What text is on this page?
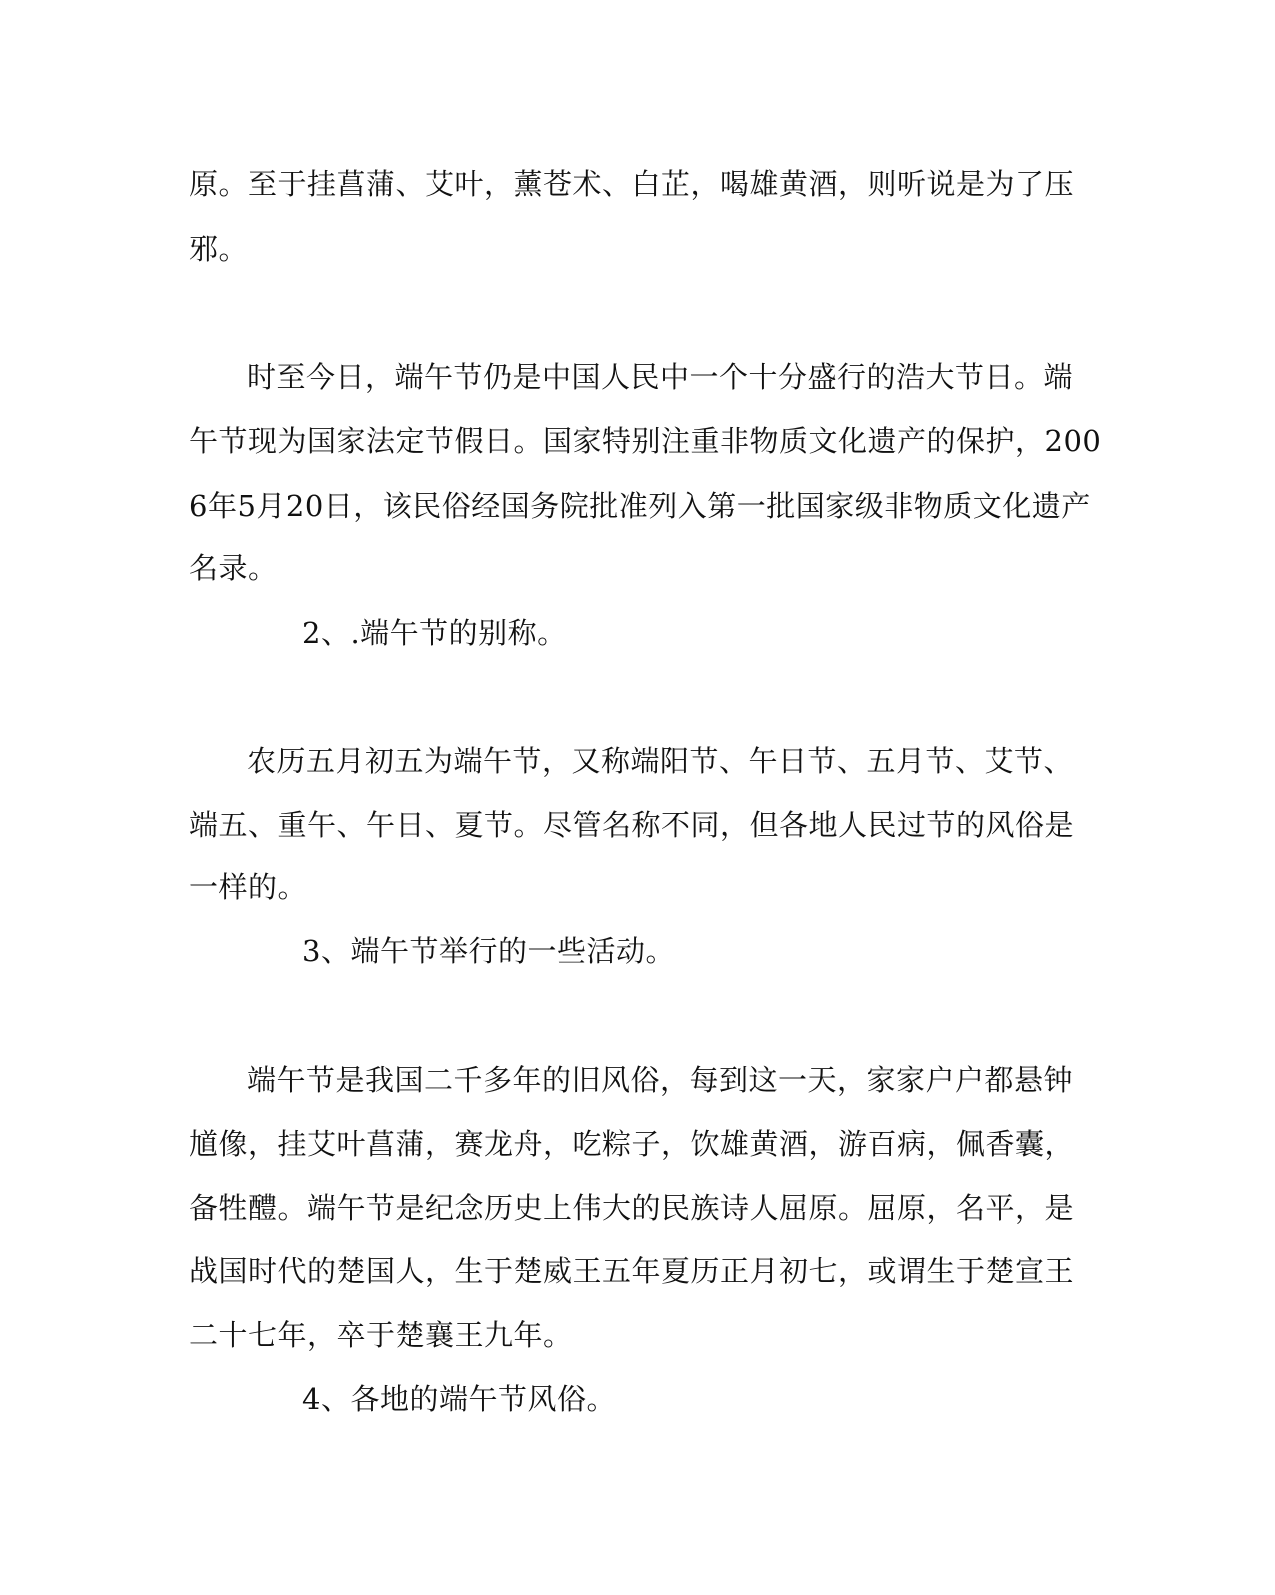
原。至于挂菖蒲、艾叶，薰苍术、白芷，喝雄黄酒，则听说是为了压
邪。
时至今日，端午节仍是中国人民中一个十分盛行的浩大节日。端
午节现为国家法定节假日。国家特别注重非物质文化遗产的保护，200
6年5月20日，该民俗经国务院批准列入第一批国家级非物质文化遗产
名录。
2、.端午节的别称。
农历五月初五为端午节，又称端阳节、午日节、五月节、艾节、
端五、重午、午日、夏节。尽管名称不同，但各地人民过节的风俗是
一样的。
3、端午节举行的一些活动。
端午节是我国二千多年的旧风俗，每到这一天，家家户户都悬钟
馗像，挂艾叶菖蒲，赛龙舟，吃粽子，饮雄黄酒，游百病，佩香囊，
备牲醴。端午节是纪念历史上伟大的民族诗人屈原。屈原，名平，是
战国时代的楚国人，生于楚威王五年夏历正月初七，或谓生于楚宣王
二十七年，卒于楚襄王九年。
4、各地的端午节风俗。
